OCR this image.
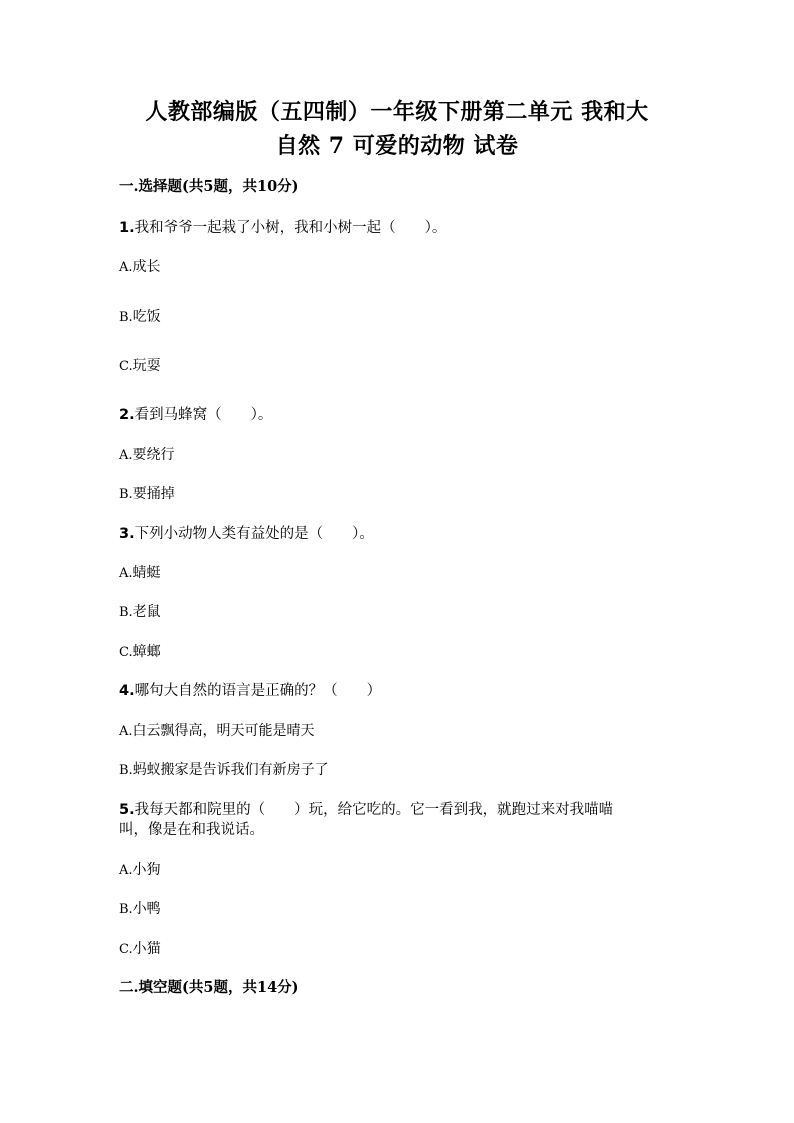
人教部编版（五四制）一年级下册第二单元 我和大
自然 7 可爱的动物 试卷
一.选择题(共5题，共10分)
1.我和爷爷一起栽了小树，我和小树一起（　　）。
A.成长
B.吃饭
C.玩耍
2.看到马蜂窝（　　）。
A.要绕行
B.要捅掉
3.下列小动物人类有益处的是（　　）。
A.蜻蜓
B.老鼠
C.蟑螂
4.哪句大自然的语言是正确的？（　　）
A.白云飘得高，明天可能是晴天
B.蚂蚁搬家是告诉我们有新房子了
5.我每天都和院里的（　　）玩，给它吃的。它一看到我，就跑过来对我喵喵
叫，像是在和我说话。
A.小狗
B.小鸭
C.小猫
二.填空题(共5题，共14分)
